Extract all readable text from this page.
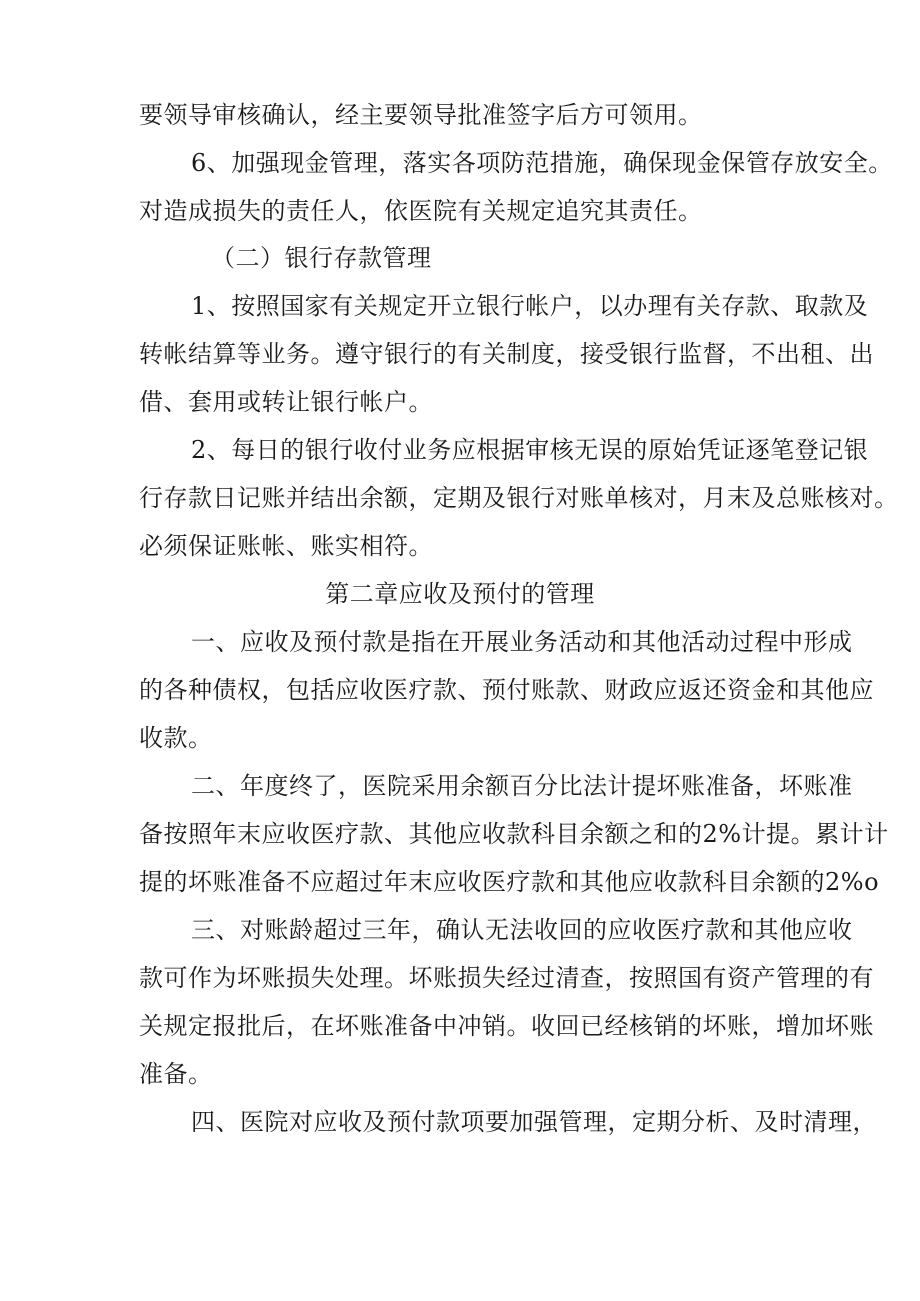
要领导审核确认，经主要领导批准签字后方可领用。
6、加强现金管理，落实各项防范措施，确保现金保管存放安全。
对造成损失的责任人，依医院有关规定追究其责任。
（二）银行存款管理
1、按照国家有关规定开立银行帐户，以办理有关存款、取款及
转帐结算等业务。遵守银行的有关制度，接受银行监督，不出租、出
借、套用或转让银行帐户。
2、每日的银行收付业务应根据审核无误的原始凭证逐笔登记银
行存款日记账并结出余额，定期及银行对账单核对，月末及总账核对。
必须保证账帐、账实相符。
第二章应收及预付的管理
一、应收及预付款是指在开展业务活动和其他活动过程中形成
的各种债权，包括应收医疗款、预付账款、财政应返还资金和其他应
收款。
二、年度终了，医院采用余额百分比法计提坏账准备，坏账准
备按照年末应收医疗款、其他应收款科目余额之和的2%计提。累计计
提的坏账准备不应超过年末应收医疗款和其他应收款科目余额的2%o
三、对账龄超过三年，确认无法收回的应收医疗款和其他应收
款可作为坏账损失处理。坏账损失经过清查，按照国有资产管理的有
关规定报批后，在坏账准备中冲销。收回已经核销的坏账，增加坏账
准备。
四、医院对应收及预付款项要加强管理，定期分析、及时清理，
